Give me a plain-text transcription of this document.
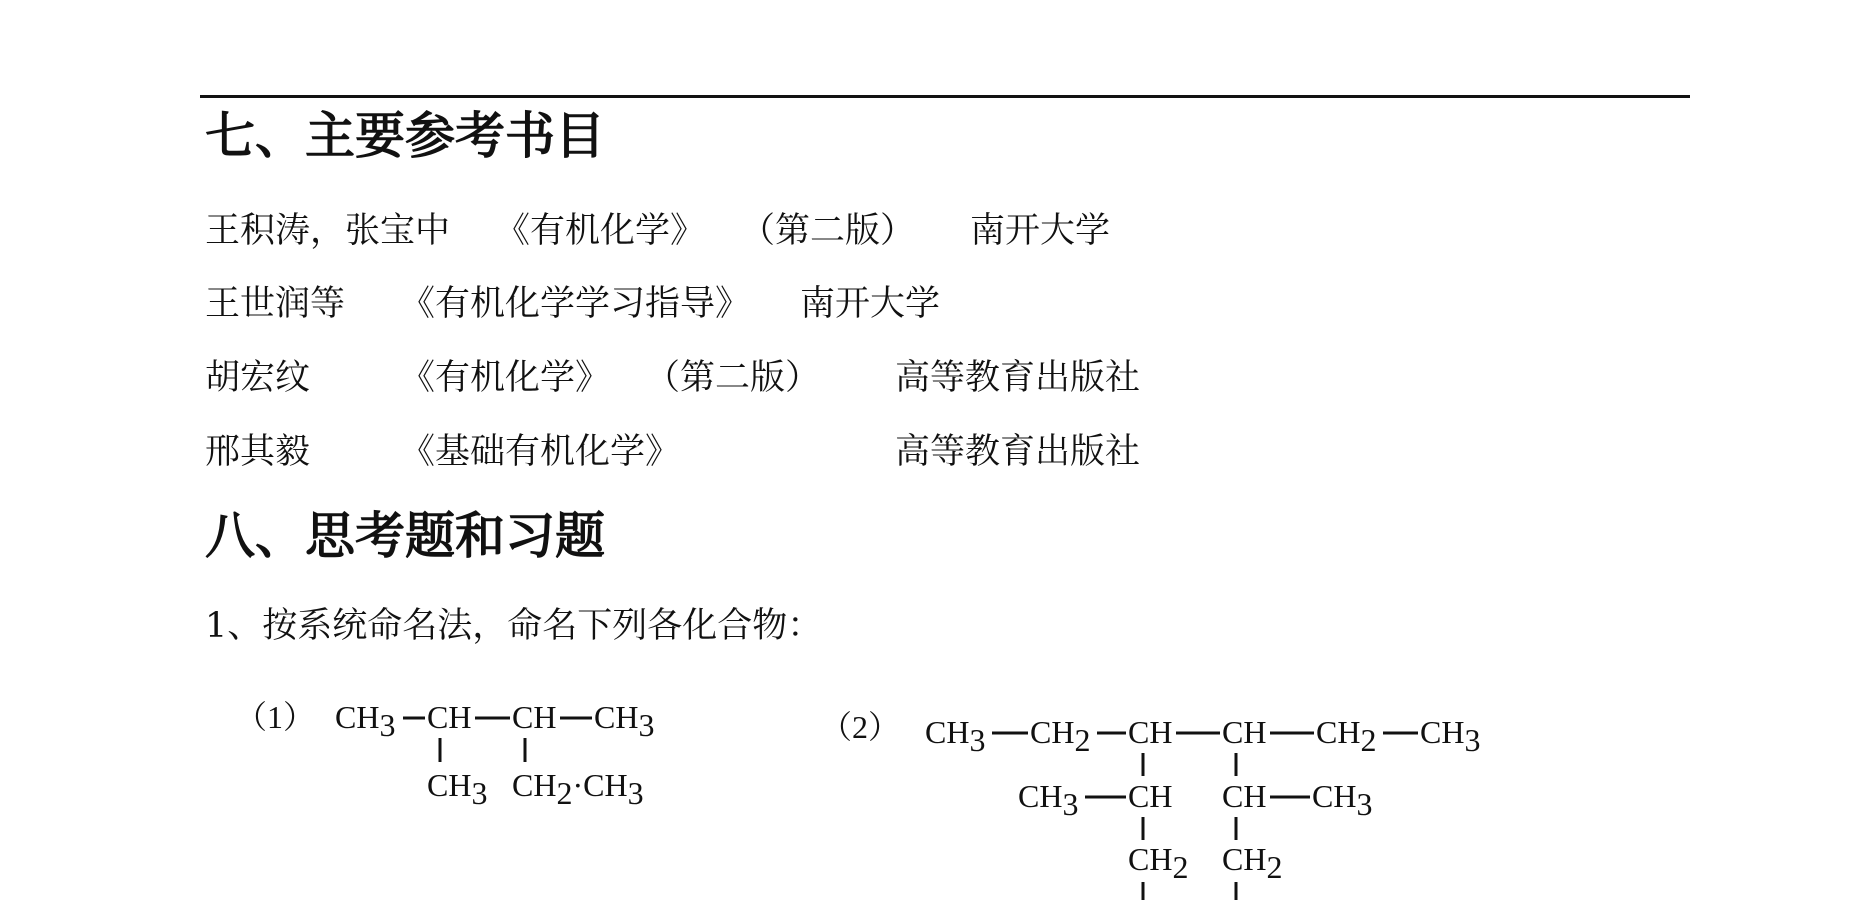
七、主要参考书目
王积涛，张宝中 《有机化学》 （第二版） 南开大学
王世润等 《有机化学学习指导》 南开大学
胡宏纹	《有机化学》 （第二版） 高等教育出版社
邢其毅	《基础有机化学》	高等教育出版社
八、思考题和习题
1、按系统命名法，命名下列各化合物：
（1） CH3 CH CH CH3
CH3 CH2·CH3
（2） CH3 CH2 CH CH CH2 CH3
CH3 CH CH CH3
CH2 CH2
